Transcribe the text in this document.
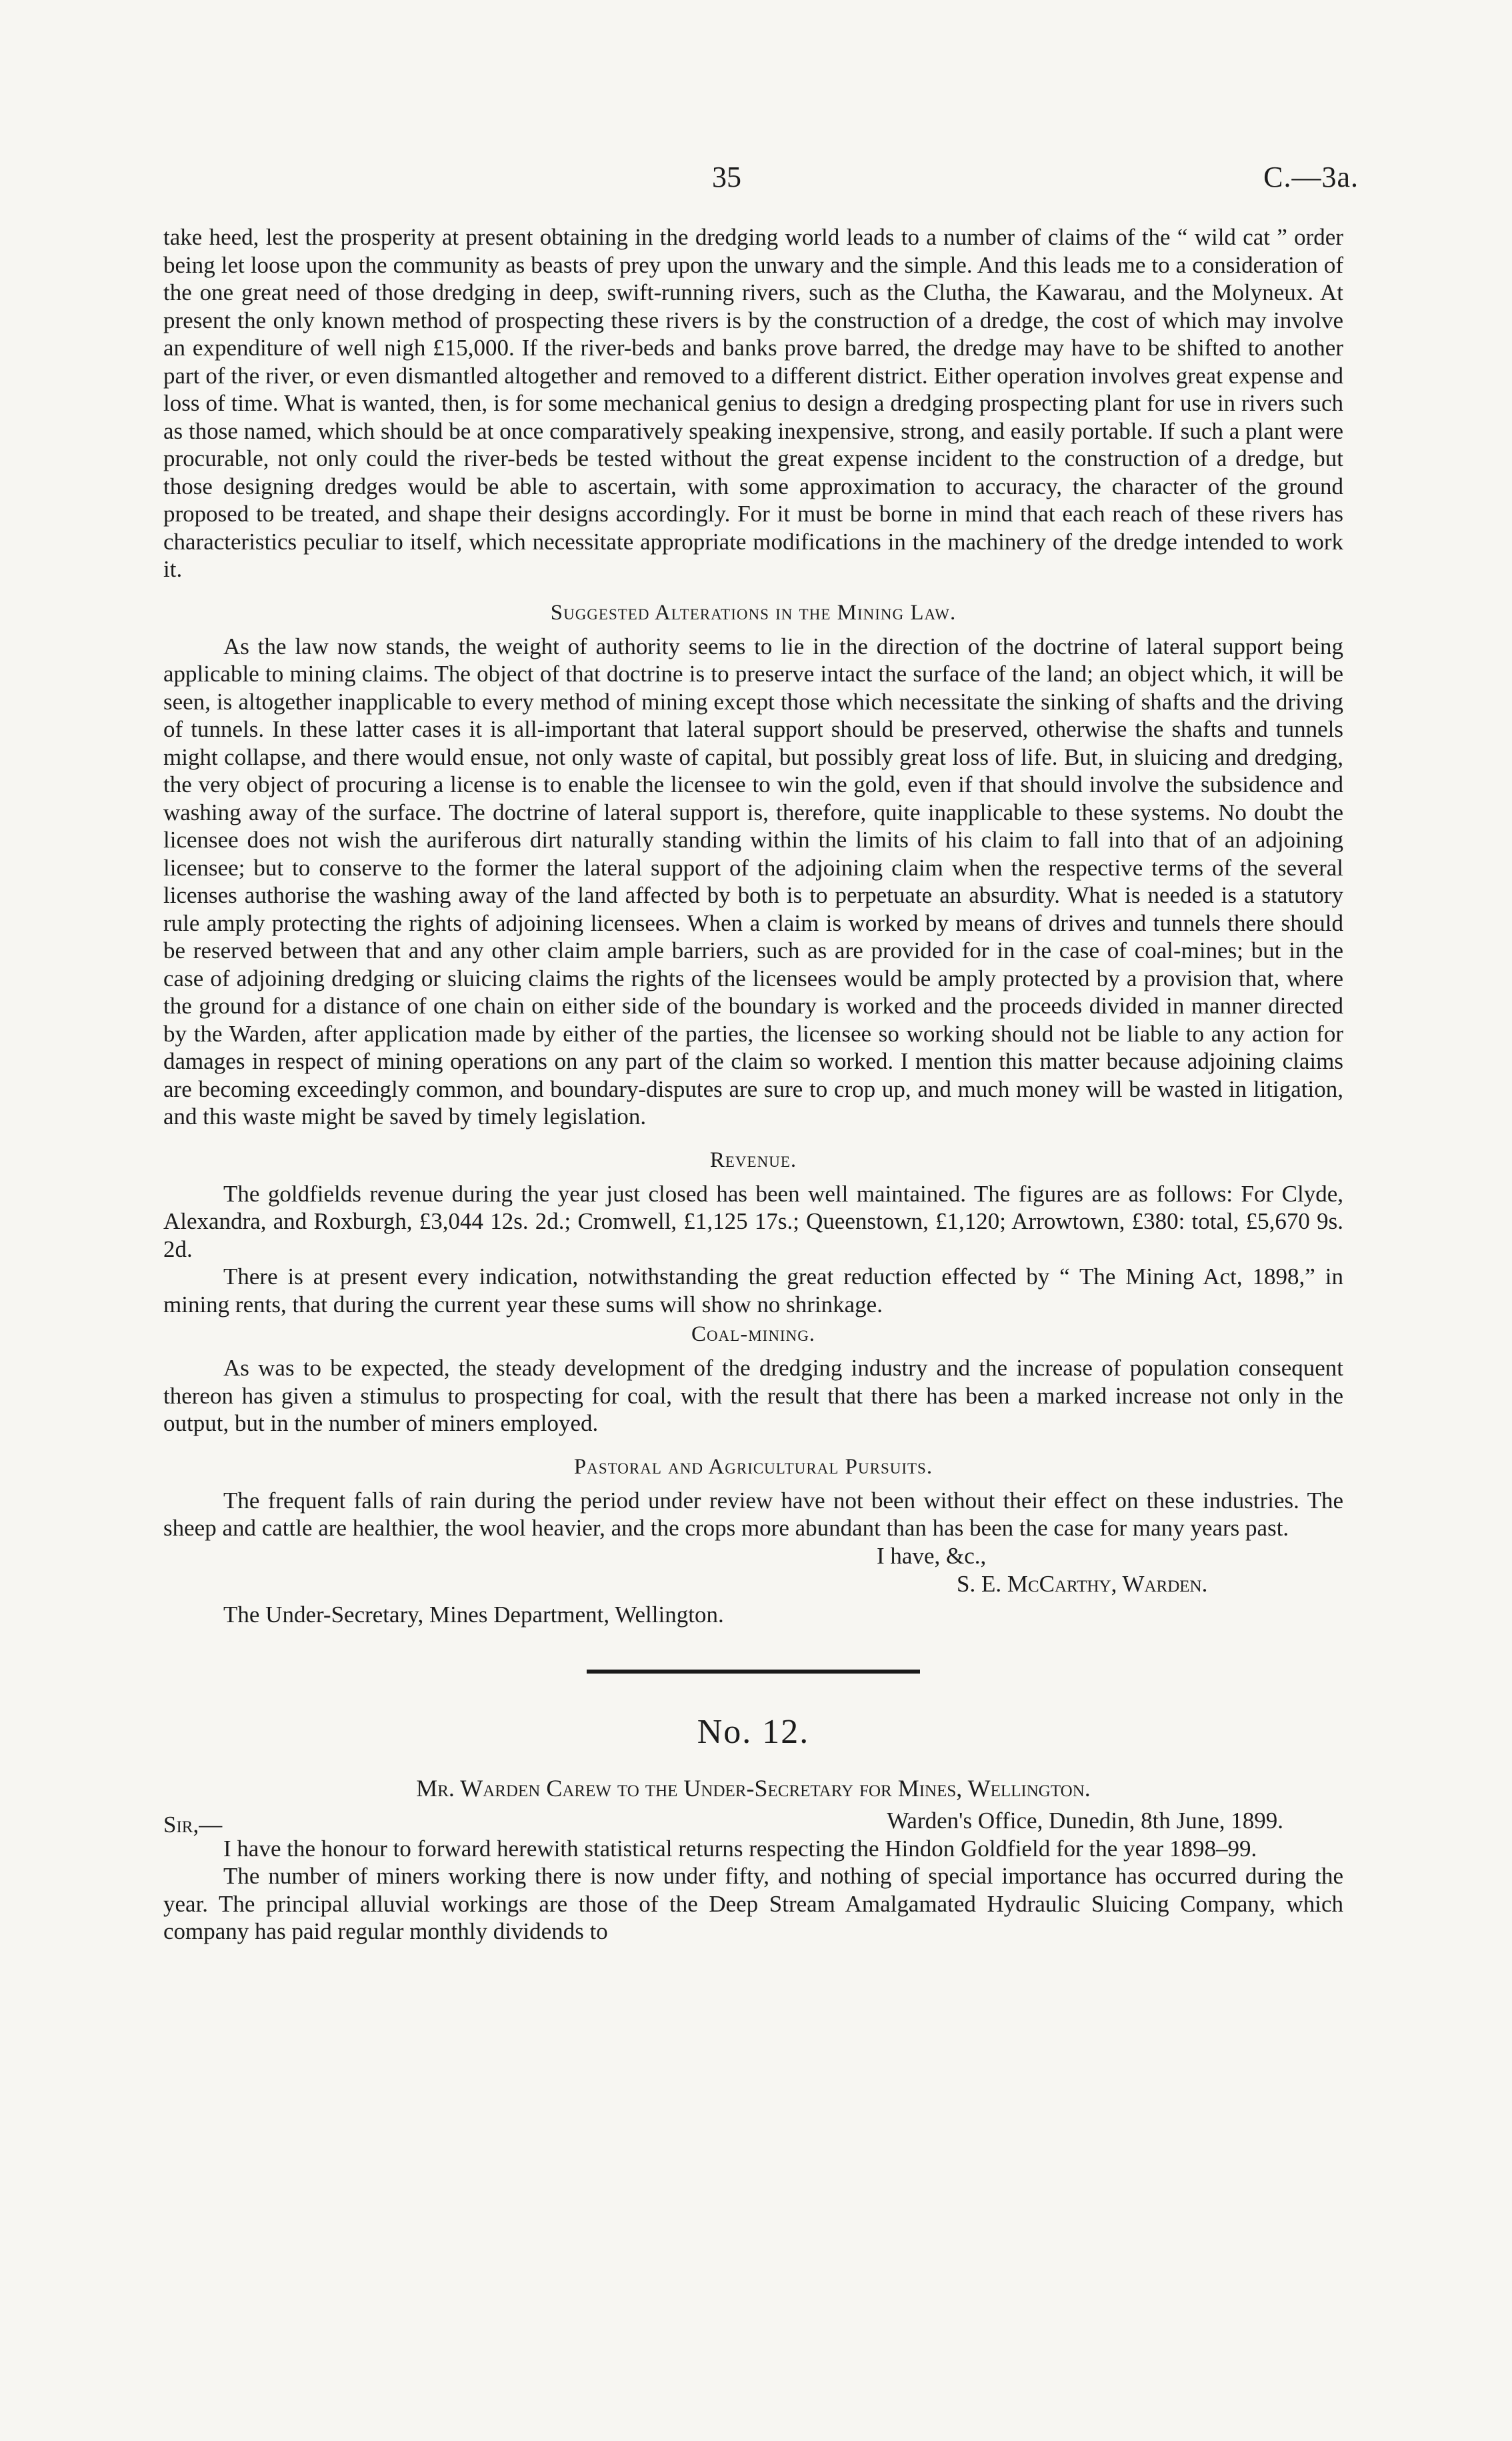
35	C.—3a.

take heed, lest the prosperity at present obtaining in the dredging world leads to a number of claims of the “ wild cat ” order being let loose upon the community as beasts of prey upon the unwary and the simple. And this leads me to a consideration of the one great need of those dredging in deep, swift-running rivers, such as the Clutha, the Kawarau, and the Molyneux. At present the only known method of prospecting these rivers is by the construction of a dredge, the cost of which may involve an expenditure of well nigh £15,000. If the river-beds and banks prove barred, the dredge may have to be shifted to another part of the river, or even dismantled altogether and removed to a different district. Either operation involves great expense and loss of time. What is wanted, then, is for some mechanical genius to design a dredging prospecting plant for use in rivers such as those named, which should be at once comparatively speaking inexpensive, strong, and easily portable. If such a plant were procurable, not only could the river-beds be tested without the great expense incident to the construction of a dredge, but those designing dredges would be able to ascertain, with some approximation to accuracy, the character of the ground proposed to be treated, and shape their designs accordingly. For it must be borne in mind that each reach of these rivers has characteristics peculiar to itself, which necessitate appropriate modifications in the machinery of the dredge intended to work it.

Suggested Alterations in the Mining Law.

As the law now stands, the weight of authority seems to lie in the direction of the doctrine of lateral support being applicable to mining claims. The object of that doctrine is to preserve intact the surface of the land; an object which, it will be seen, is altogether inapplicable to every method of mining except those which necessitate the sinking of shafts and the driving of tunnels. In these latter cases it is all-important that lateral support should be preserved, otherwise the shafts and tunnels might collapse, and there would ensue, not only waste of capital, but possibly great loss of life. But, in sluicing and dredging, the very object of procuring a license is to enable the licensee to win the gold, even if that should involve the subsidence and washing away of the surface. The doctrine of lateral support is, therefore, quite inapplicable to these systems. No doubt the licensee does not wish the auriferous dirt naturally standing within the limits of his claim to fall into that of an adjoining licensee; but to conserve to the former the lateral support of the adjoining claim when the respective terms of the several licenses authorise the washing away of the land affected by both is to perpetuate an absurdity. What is needed is a statutory rule amply protecting the rights of adjoining licensees. When a claim is worked by means of drives and tunnels there should be reserved between that and any other claim ample barriers, such as are provided for in the case of coal-mines; but in the case of adjoining dredging or sluicing claims the rights of the licensees would be amply protected by a provision that, where the ground for a distance of one chain on either side of the boundary is worked and the proceeds divided in manner directed by the Warden, after application made by either of the parties, the licensee so working should not be liable to any action for damages in respect of mining operations on any part of the claim so worked. I mention this matter because adjoining claims are becoming exceedingly common, and boundary-disputes are sure to crop up, and much money will be wasted in litigation, and this waste might be saved by timely legislation.

Revenue.

The goldfields revenue during the year just closed has been well maintained. The figures are as follows: For Clyde, Alexandra, and Roxburgh, £3,044 12s. 2d.; Cromwell, £1,125 17s.; Queenstown, £1,120; Arrowtown, £380: total, £5,670 9s. 2d.

There is at present every indication, notwithstanding the great reduction effected by “ The Mining Act, 1898,” in mining rents, that during the current year these sums will show no shrinkage.

Coal-mining.

As was to be expected, the steady development of the dredging industry and the increase of population consequent thereon has given a stimulus to prospecting for coal, with the result that there has been a marked increase not only in the output, but in the number of miners employed.

Pastoral and Agricultural Pursuits.

The frequent falls of rain during the period under review have not been without their effect on these industries. The sheep and cattle are healthier, the wool heavier, and the crops more abundant than has been the case for many years past.

I have, &c.,
S. E. McCarthy, Warden.
The Under-Secretary, Mines Department, Wellington.
No. 12.
Mr. Warden Carew to the Under-Secretary for Mines, Wellington.
Sir,—	Warden's Office, Dunedin, 8th June, 1899.

I have the honour to forward herewith statistical returns respecting the Hindon Goldfield for the year 1898–99.

The number of miners working there is now under fifty, and nothing of special importance has occurred during the year. The principal alluvial workings are those of the Deep Stream Amalgamated Hydraulic Sluicing Company, which company has paid regular monthly dividends to
